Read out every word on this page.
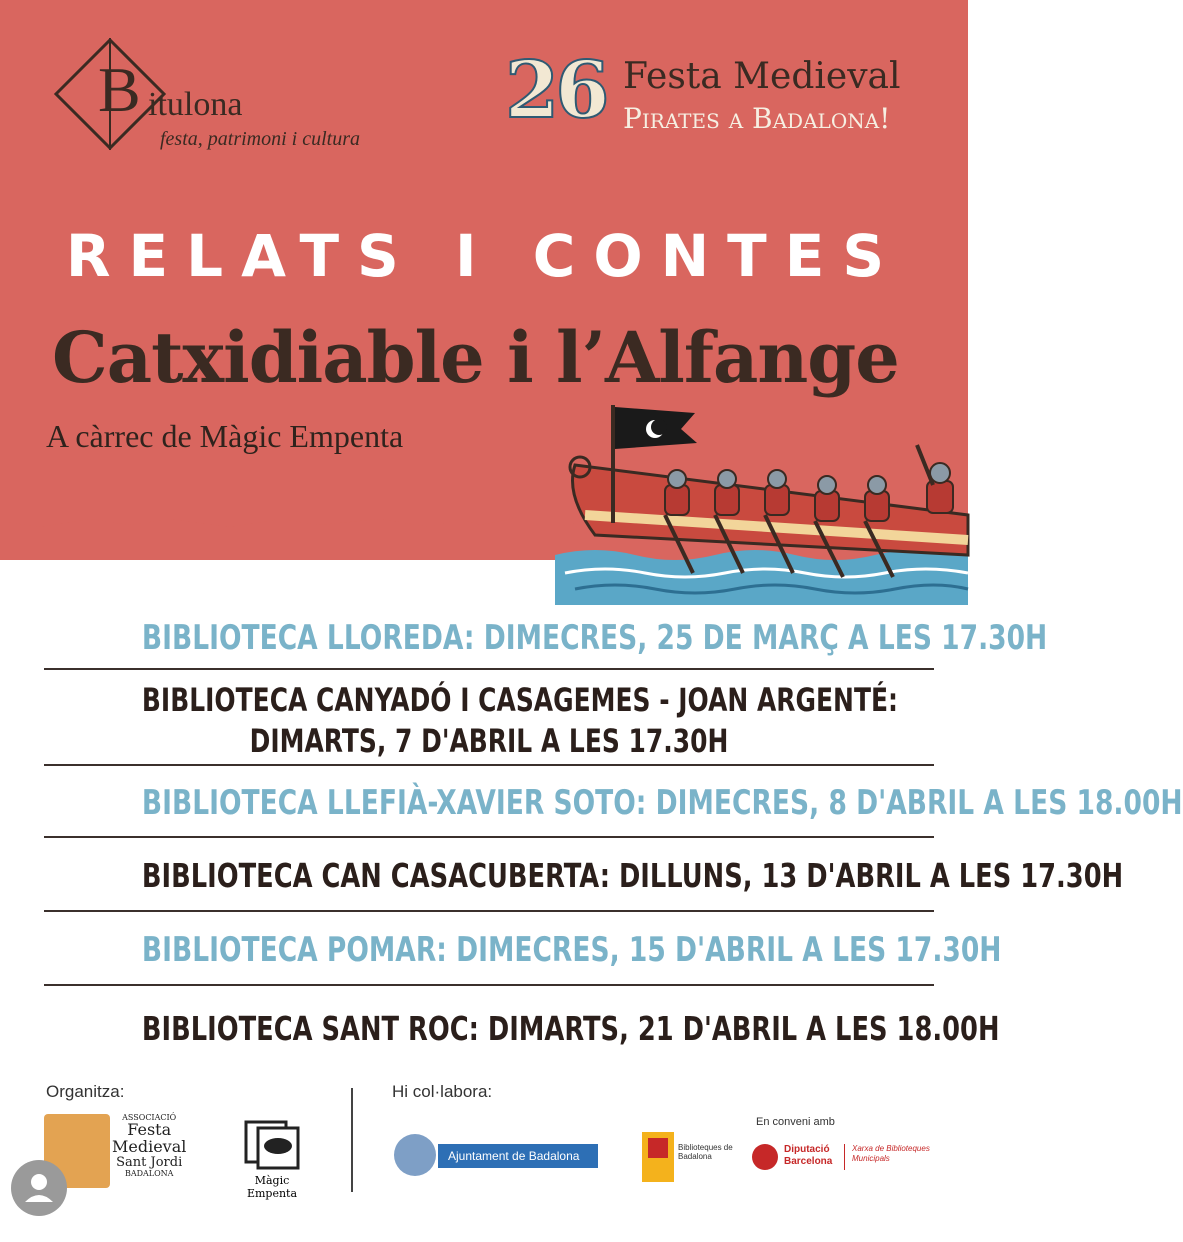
B itulona
festa, patrimoni i cultura
26 Festa Medieval
Pirates a Badalona!
RELATS I CONTES
Catxidiable i l’Alfange
A càrrec de Màgic Empenta
BIBLIOTECA LLOREDA: DIMECRES, 25 DE MARÇ A LES 17.30H
BIBLIOTECA CANYADÓ I CASAGEMES - JOAN ARGENTÉ:
DIMARTS, 7 D'ABRIL A LES 17.30H
BIBLIOTECA LLEFIÀ-XAVIER SOTO: DIMECRES, 8 D'ABRIL A LES 18.00H
BIBLIOTECA CAN CASACUBERTA: DILLUNS, 13 D'ABRIL A LES 17.30H
BIBLIOTECA POMAR: DIMECRES, 15 D'ABRIL A LES 17.30H
BIBLIOTECA SANT ROC: DIMARTS, 21 D'ABRIL A LES 18.00H
Organitza:	Hi col·labora:
ASSOCIACIÓ
Festa
Medieval
Sant Jordi
BADALONA
Màgic Empenta
Ajuntament de Badalona
Biblioteques de Badalona
En conveni amb
Diputació Barcelona
Xarxa de Biblioteques Municipals
